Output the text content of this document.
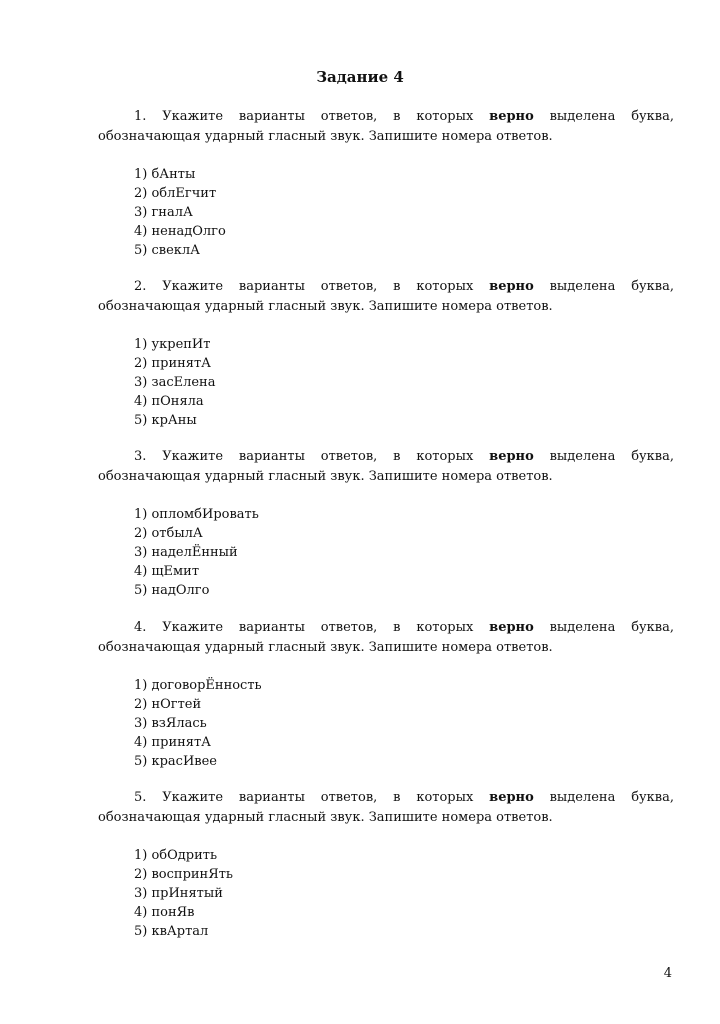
Задание 4

1. Укажите варианты ответов, в которых верно выделена буква, обозначающая ударный гласный звук. Запишите номера ответов.

1) бАнты
2) облЕгчит
3) гналА
4) ненадОлго
5) свеклА

2. Укажите варианты ответов, в которых верно выделена буква, обозначающая ударный гласный звук. Запишите номера ответов.

1) укрепИт
2) принятА
3) засЕлена
4) пОняла
5) крАны

3. Укажите варианты ответов, в которых верно выделена буква, обозначающая ударный гласный звук. Запишите номера ответов.

1) опломбИровать
2) отбылА
3) наделЁнный
4) щЕмит
5) надОлго

4. Укажите варианты ответов, в которых верно выделена буква, обозначающая ударный гласный звук. Запишите номера ответов.

1) договорЁнность
2) нОгтей
3) взЯлась
4) принятА
5) красИвее

5. Укажите варианты ответов, в которых верно выделена буква, обозначающая ударный гласный звук. Запишите номера ответов.

1) обОдрить
2) воспринЯть
3) прИнятый
4) понЯв
5) квАртал
4
